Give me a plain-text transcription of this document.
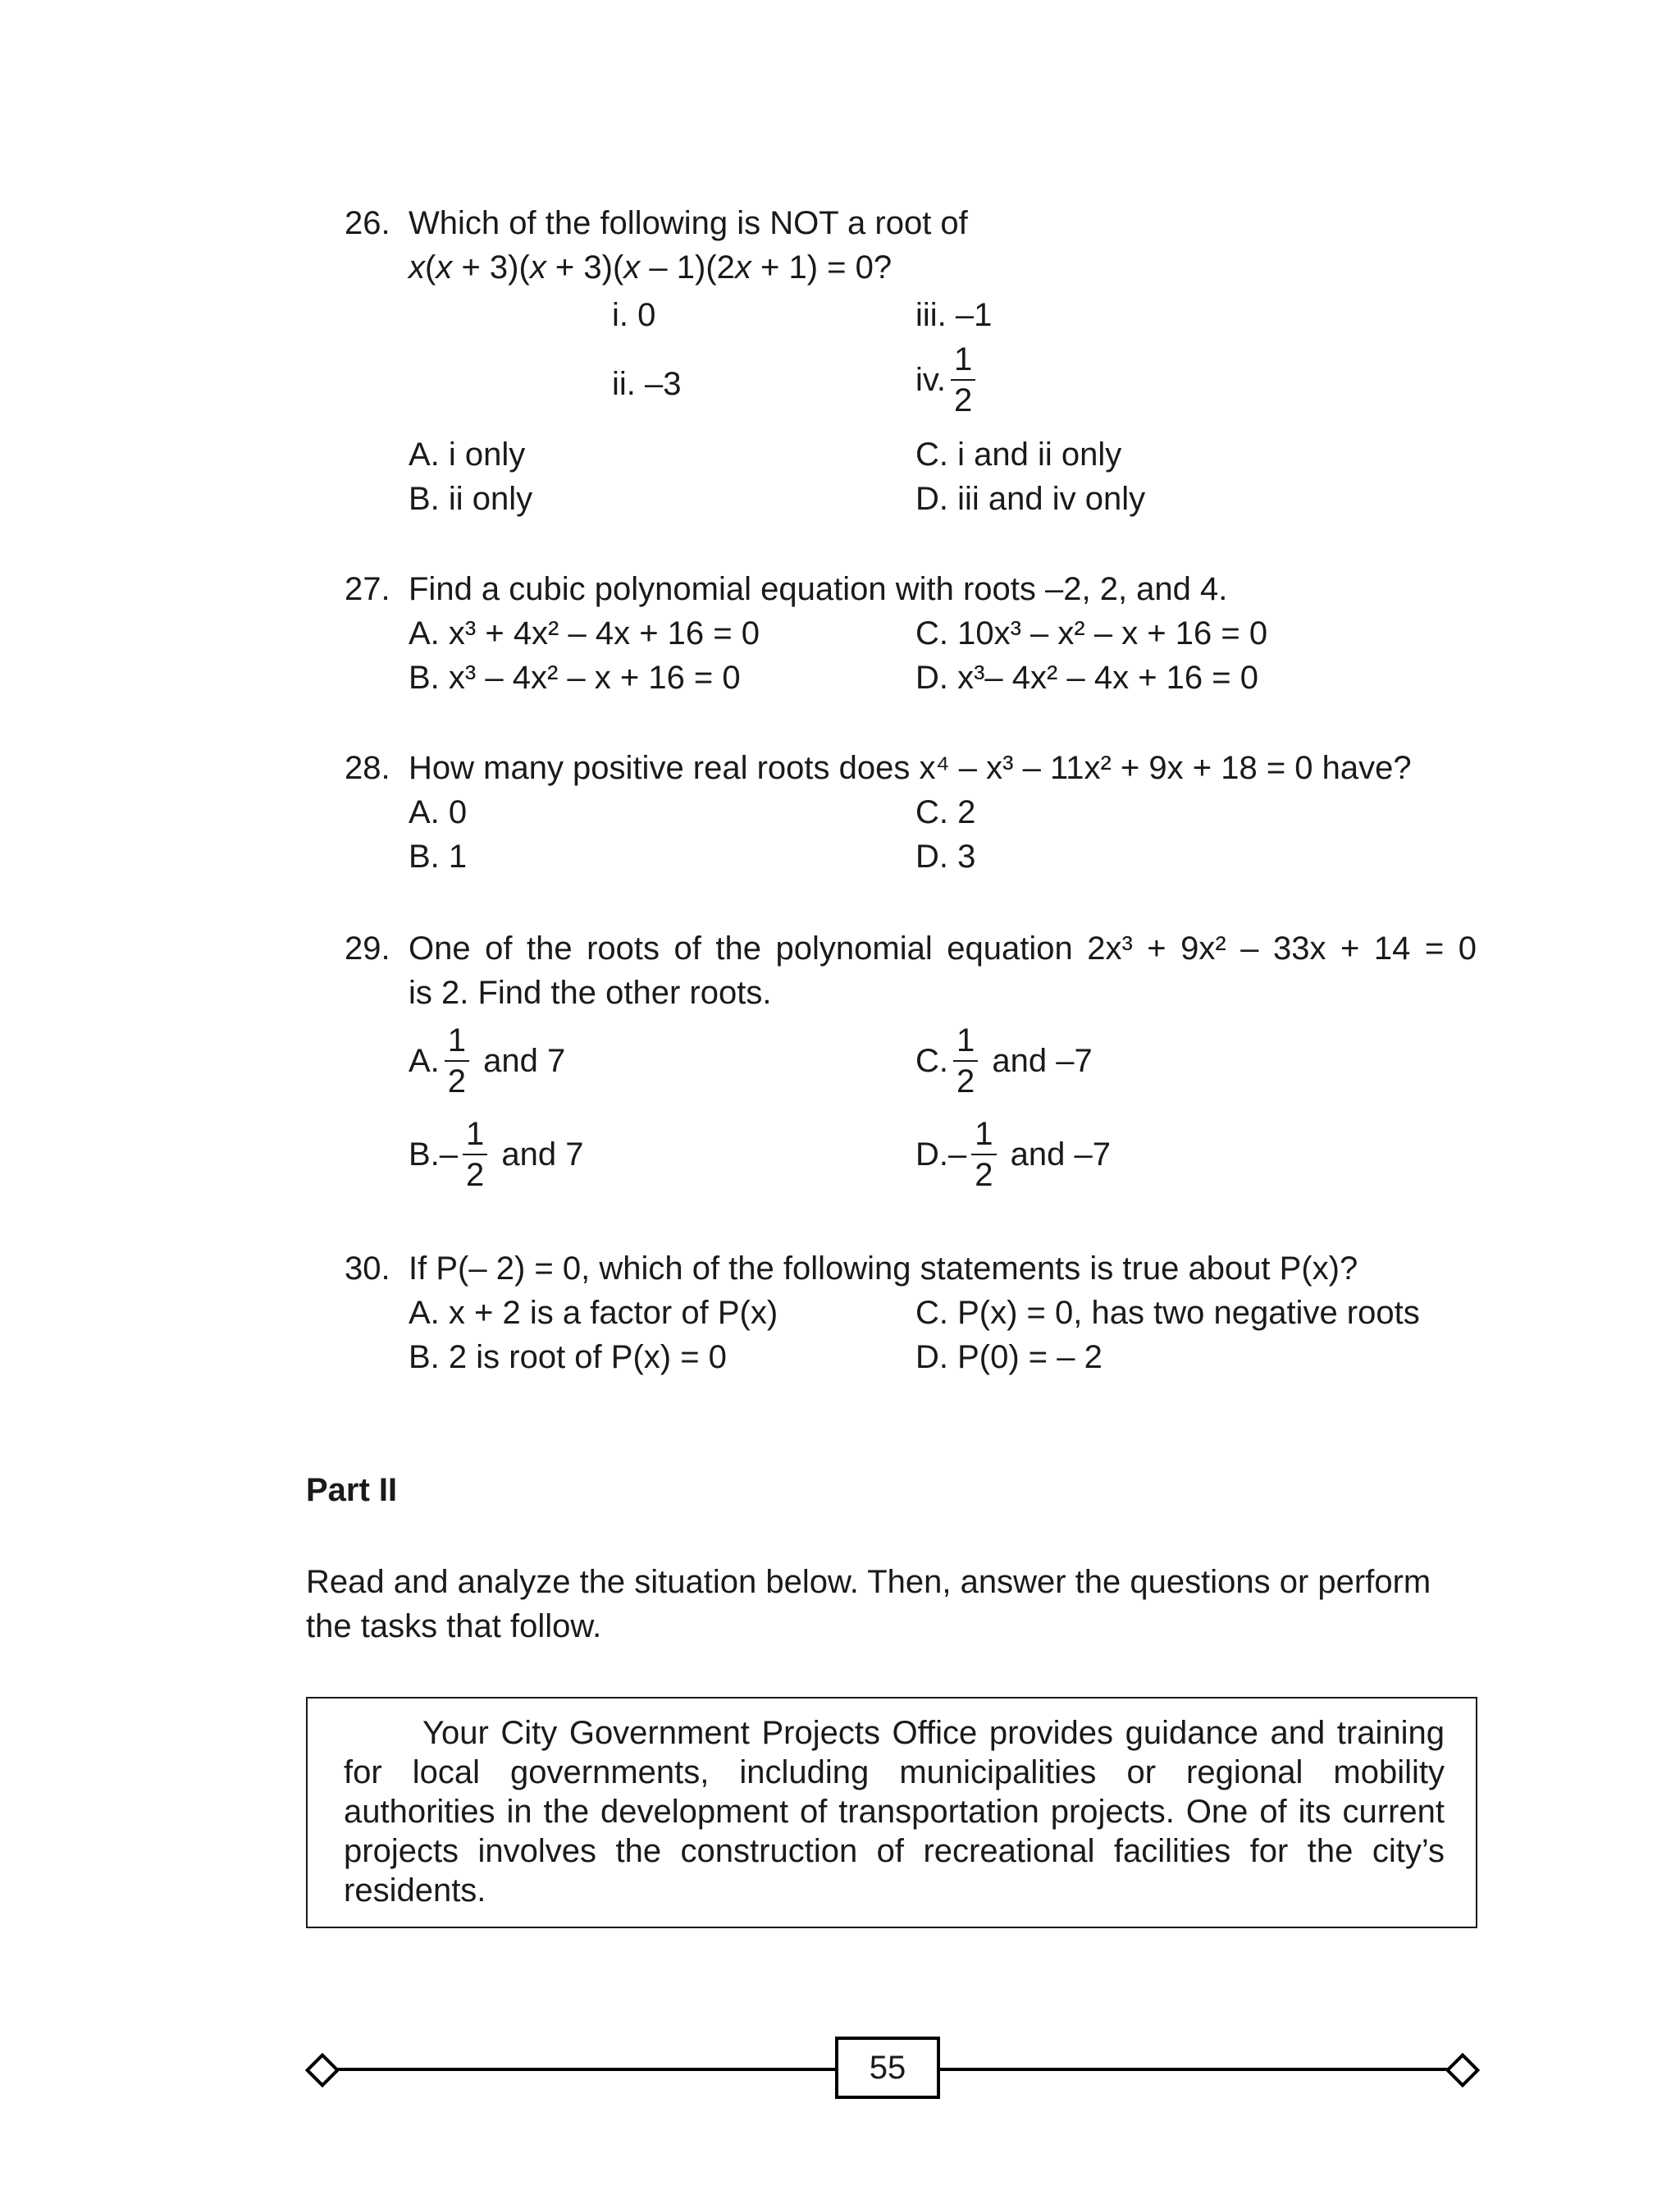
26. Which of the following is NOT a root of
x(x + 3)(x + 3)(x – 1)(2x + 1) = 0?
i. 0
ii. –3
iii. –1
iv. $\frac{1}{2}$
A. i only
B. ii only
C. i and ii only
D. iii and iv only
27. Find a cubic polynomial equation with roots –2, 2, and 4.
A. x³ + 4x² – 4x + 16 = 0
B. x³ – 4x² – x + 16 = 0
C. 10x³ – x² – x + 16 = 0
D. x³– 4x² – 4x + 16 = 0
28. How many positive real roots does x⁴ – x³ – 11x² + 9x + 18 = 0 have?
A. 0
B. 1
C. 2
D. 3
29. One of the roots of the polynomial equation 2x³ + 9x² – 33x + 14 = 0
is 2. Find the other roots.
A. $\frac{1}{2}$ and 7
$B.- \frac{1}{2}$ and 7
C. $\frac{1}{2}$ and –7
$D.- \frac{1}{2}$ and –7
30. If P(– 2) = 0, which of the following statements is true about P(x)?
A. x + 2 is a factor of P(x)
B. 2 is root of P(x) = 0
C. P(x) = 0, has two negative roots
D. P(0) = – 2
Part II
Read and analyze the situation below. Then, answer the questions or perform
the tasks that follow.

Your City Government Projects Office provides guidance and training for local governments, including municipalities or regional mobility authorities in the development of transportation projects. One of its current projects involves the construction of recreational facilities for the city’s residents.

55
